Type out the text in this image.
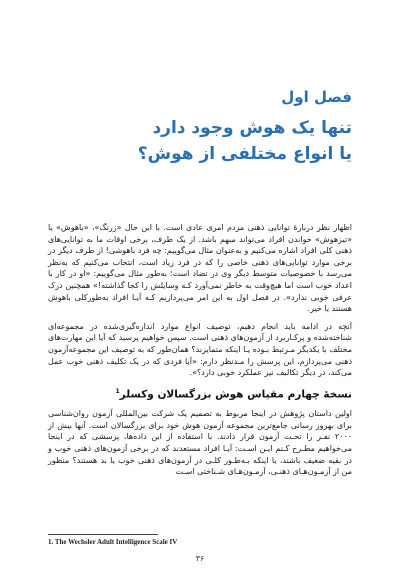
فصل اول

تنها یک هوش وجود دارد

یا انواع مختلفی از هوش؟

اظهار نظر دربارهٔ توانایی ذهنی مردم امری عادی است. با این حال «زرنگ»، «باهوش» یا «تیزهوش» خواندن افراد می‌تواند مبهم باشد. از یک طرف، برخی اوقات ما به توانایی‌های ذهنی کلی افراد اشاره می‌کنیم و به‌عنوان مثال می‌گوییم: چه فرد باهوشی! از طرف دیگر در برخی موارد توانایی‌های ذهنی خاصی را که در فرد زیاد است، انتخاب می‌کنیم که به‌نظر می‌رسد با خصوصیات متوسط دیگر وی در تضاد است؛ به‌طور مثال می‌گوییم: «او در کار با اعداد خوب است اما هیچ‌وقت به خاطر نمی‌آورد کـه وسایلش را کجا گذاشته!» همچنین درک عرفی خوبی ندارد». در فصل اول به این امر می‌پردازیم کـه آیـا افراد به‌طورکلی باهوش هستند یا خیر.

آنچه در ادامه باید انجام دهیم، توصیف انواع موارد اندازه‌گیری‌شده در مجموعه‌ای شناخته‌شده و پرکـاربرد از آزمون‌های ذهنی است. سپس خواهیم پرسید که آیا این مهارت‌های مختلف با یکدیگر مـرتبط بـوده یـا اینکه متمایزند؟ همان‌طور که به توصیف این مجموعه‌آزمون ذهنی می‌پردازم، این پرسش را مـدنظر دارم: «آیا فردی که در یک تکلیف ذهنی خوب عمل می‌کند، در دیگر تکالیف نیز عملکرد خوبی دارد؟».

نسخهٔ چهارم مقیاس هوش بزرگسالان وکسلر$^1$

اولین داستان پژوهش در اینجا مربوط به تصمیم یک شرکت بین‌المللی آزمون روان‌شناسی برای بهروز رسانی جامع‌ترین مجموعه آزمون هوش خود برای بزرگسالان است. آنها بیش از ۲۰۰۰ نفـر را تحـت آزمون قرار دادند. با استفاده از این داده‌ها، پرسشی که در اینجا می‌خواهیم مطـرح کـنم ایـن اسـت: آیـا افراد مستعدند که در برخی آزمون‌های ذهنی خوب و در بقیه ضعیف باشند، یا اینکه بـه‌طـور کلـی در آزمون‌های ذهنی خوب یا بد هستند؟ منظور من از آزمـون‌هـای ذهنـی، آزمـون‌هـای شـناختی اسـت

1. The Wechsler Adult Intelligence Scale IV
۳۶
